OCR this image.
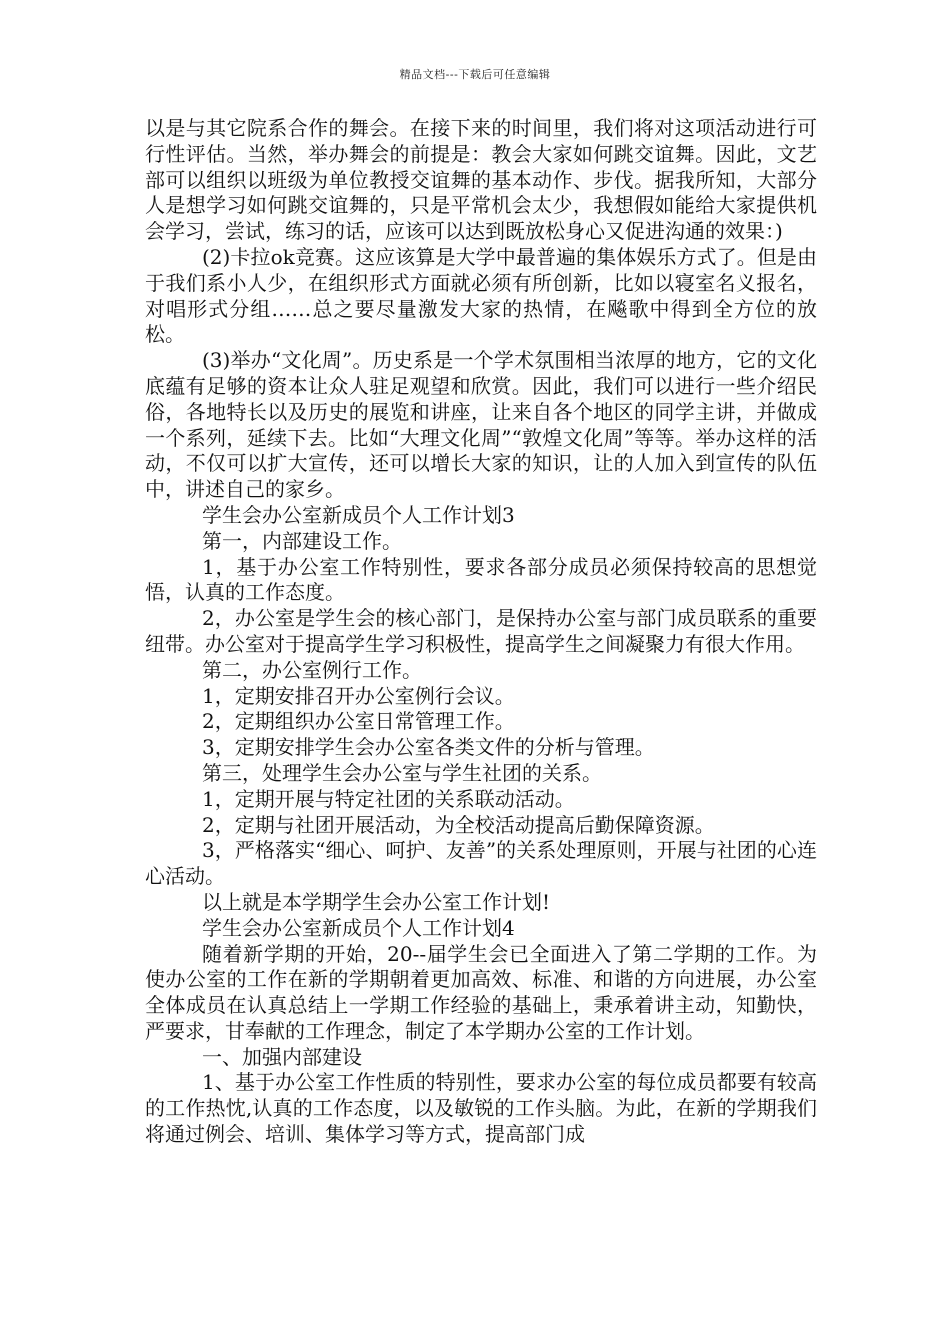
精品文档---下载后可任意编辑

以是与其它院系合作的舞会。在接下来的时间里，我们将对这项活动进行可行性评估。当然，举办舞会的前提是：教会大家如何跳交谊舞。因此，文艺部可以组织以班级为单位教授交谊舞的基本动作、步伐。据我所知，大部分人是想学习如何跳交谊舞的，只是平常机会太少，我想假如能给大家提供机会学习，尝试，练习的话，应该可以达到既放松身心又促进沟通的效果：)

(2)卡拉ok竞赛。这应该算是大学中最普遍的集体娱乐方式了。但是由于我们系小人少，在组织形式方面就必须有所创新，比如以寝室名义报名，对唱形式分组……总之要尽量激发大家的热情，在飚歌中得到全方位的放松。

(3)举办“文化周”。历史系是一个学术氛围相当浓厚的地方，它的文化底蕴有足够的资本让众人驻足观望和欣赏。因此，我们可以进行一些介绍民俗，各地特长以及历史的展览和讲座，让来自各个地区的同学主讲，并做成一个系列，延续下去。比如“大理文化周”“敦煌文化周”等等。举办这样的活动，不仅可以扩大宣传，还可以增长大家的知识，让的人加入到宣传的队伍中，讲述自己的家乡。

学生会办公室新成员个人工作计划3

第一，内部建设工作。

1，基于办公室工作特别性，要求各部分成员必须保持较高的思想觉悟，认真的工作态度。

2，办公室是学生会的核心部门，是保持办公室与部门成员联系的重要纽带。办公室对于提高学生学习积极性，提高学生之间凝聚力有很大作用。

第二，办公室例行工作。

1，定期安排召开办公室例行会议。

2，定期组织办公室日常管理工作。

3，定期安排学生会办公室各类文件的分析与管理。

第三，处理学生会办公室与学生社团的关系。

1，定期开展与特定社团的关系联动活动。

2，定期与社团开展活动，为全校活动提高后勤保障资源。

3，严格落实“细心、呵护、友善”的关系处理原则，开展与社团的心连心活动。

以上就是本学期学生会办公室工作计划!

学生会办公室新成员个人工作计划4

随着新学期的开始，20--届学生会已全面进入了第二学期的工作。为使办公室的工作在新的学期朝着更加高效、标准、和谐的方向进展，办公室全体成员在认真总结上一学期工作经验的基础上，秉承着讲主动，知勤快，严要求，甘奉献的工作理念，制定了本学期办公室的工作计划。

一、加强内部建设

1、基于办公室工作性质的特别性，要求办公室的每位成员都要有较高的工作热忱,认真的工作态度，以及敏锐的工作头脑。为此，在新的学期我们将通过例会、培训、集体学习等方式，提高部门成
